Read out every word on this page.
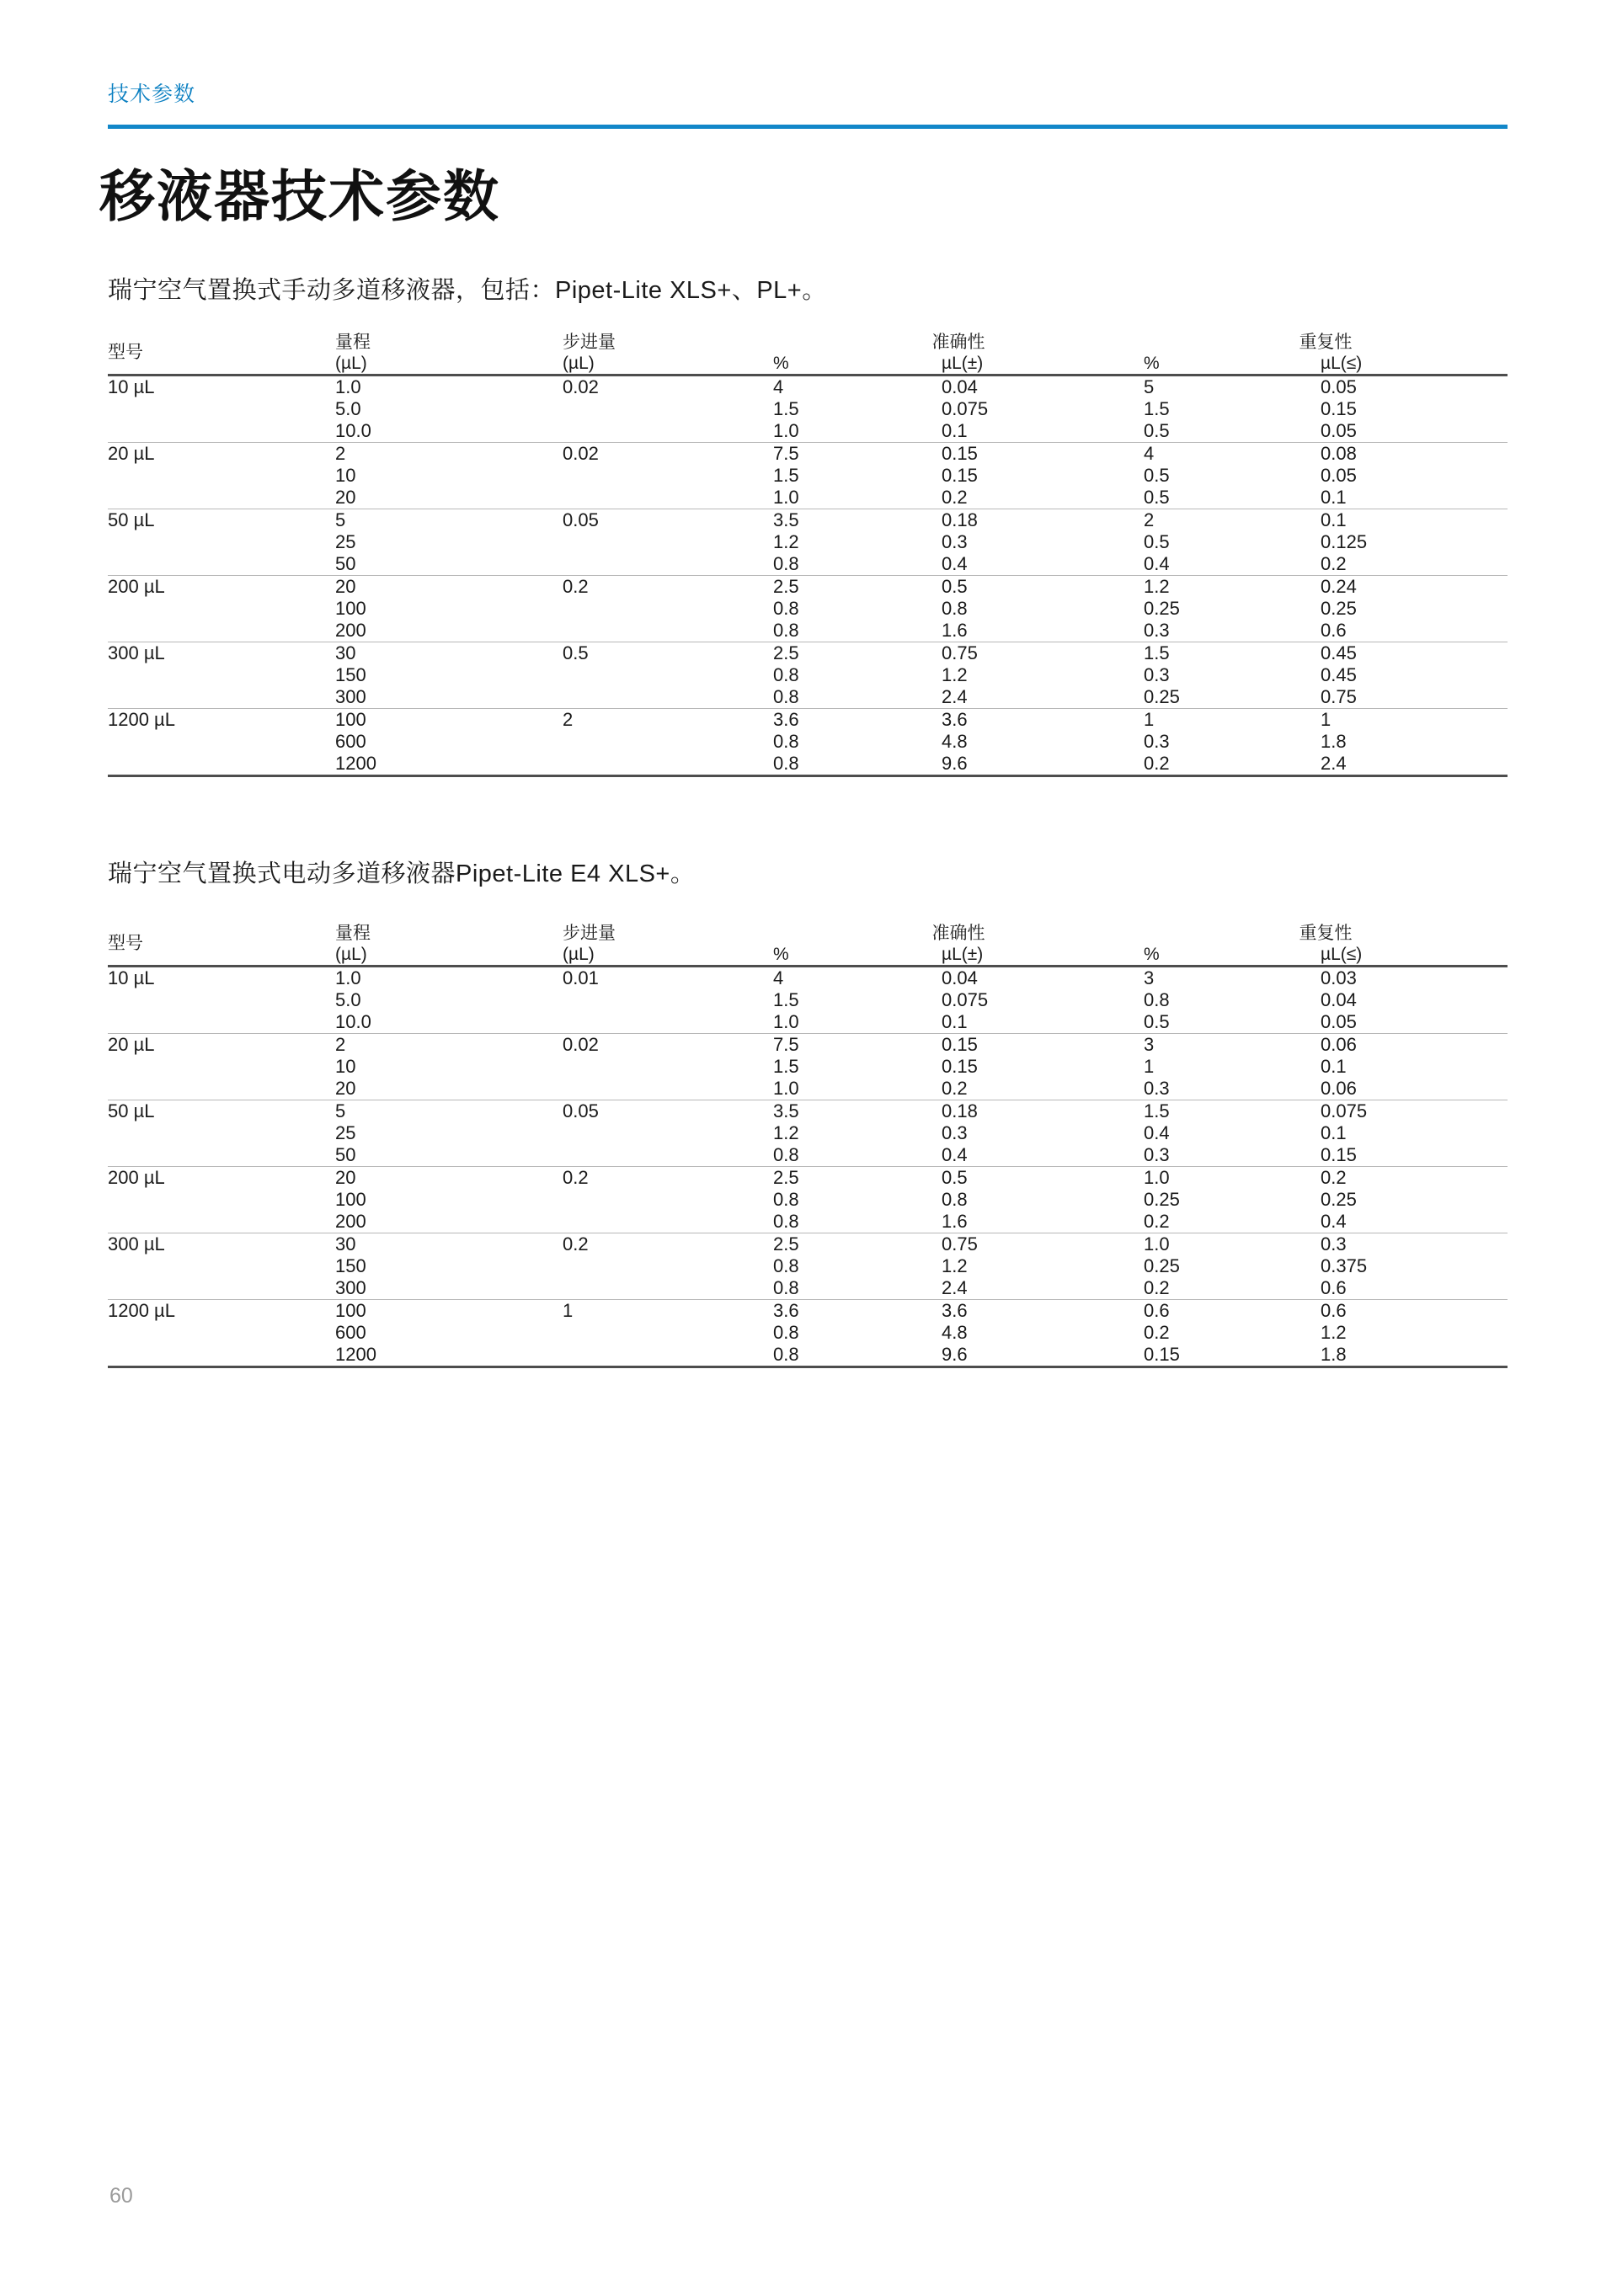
技术参数
移液器技术参数
瑞宁空气置换式手动多道移液器，包括：Pipet-Lite XLS+、PL+。
型号	量程	步进量	准确性		重复性	
	(µL)	(µL)	%	µL(±)	%	µL(≤)
10 µL	1.0	0.02	4	0.04	5	0.05
	5.0		1.5	0.075	1.5	0.15
	10.0		1.0	0.1	0.5	0.05
20 µL	2	0.02	7.5	0.15	4	0.08
	10		1.5	0.15	0.5	0.05
	20		1.0	0.2	0.5	0.1
50 µL	5	0.05	3.5	0.18	2	0.1
	25		1.2	0.3	0.5	0.125
	50		0.8	0.4	0.4	0.2
200 µL	20	0.2	2.5	0.5	1.2	0.24
	100		0.8	0.8	0.25	0.25
	200		0.8	1.6	0.3	0.6
300 µL	30	0.5	2.5	0.75	1.5	0.45
	150		0.8	1.2	0.3	0.45
	300		0.8	2.4	0.25	0.75
1200 µL	100	2	3.6	3.6	1	1
	600		0.8	4.8	0.3	1.8
	1200		0.8	9.6	0.2	2.4
瑞宁空气置换式电动多道移液器Pipet-Lite E4 XLS+。
型号	量程	步进量	准确性		重复性	
	(µL)	(µL)	%	µL(±)	%	µL(≤)
10 µL	1.0	0.01	4	0.04	3	0.03
	5.0		1.5	0.075	0.8	0.04
	10.0		1.0	0.1	0.5	0.05
20 µL	2	0.02	7.5	0.15	3	0.06
	10		1.5	0.15	1	0.1
	20		1.0	0.2	0.3	0.06
50 µL	5	0.05	3.5	0.18	1.5	0.075
	25		1.2	0.3	0.4	0.1
	50		0.8	0.4	0.3	0.15
200 µL	20	0.2	2.5	0.5	1.0	0.2
	100		0.8	0.8	0.25	0.25
	200		0.8	1.6	0.2	0.4
300 µL	30	0.2	2.5	0.75	1.0	0.3
	150		0.8	1.2	0.25	0.375
	300		0.8	2.4	0.2	0.6
1200 µL	100	1	3.6	3.6	0.6	0.6
	600		0.8	4.8	0.2	1.2
	1200		0.8	9.6	0.15	1.8
60
